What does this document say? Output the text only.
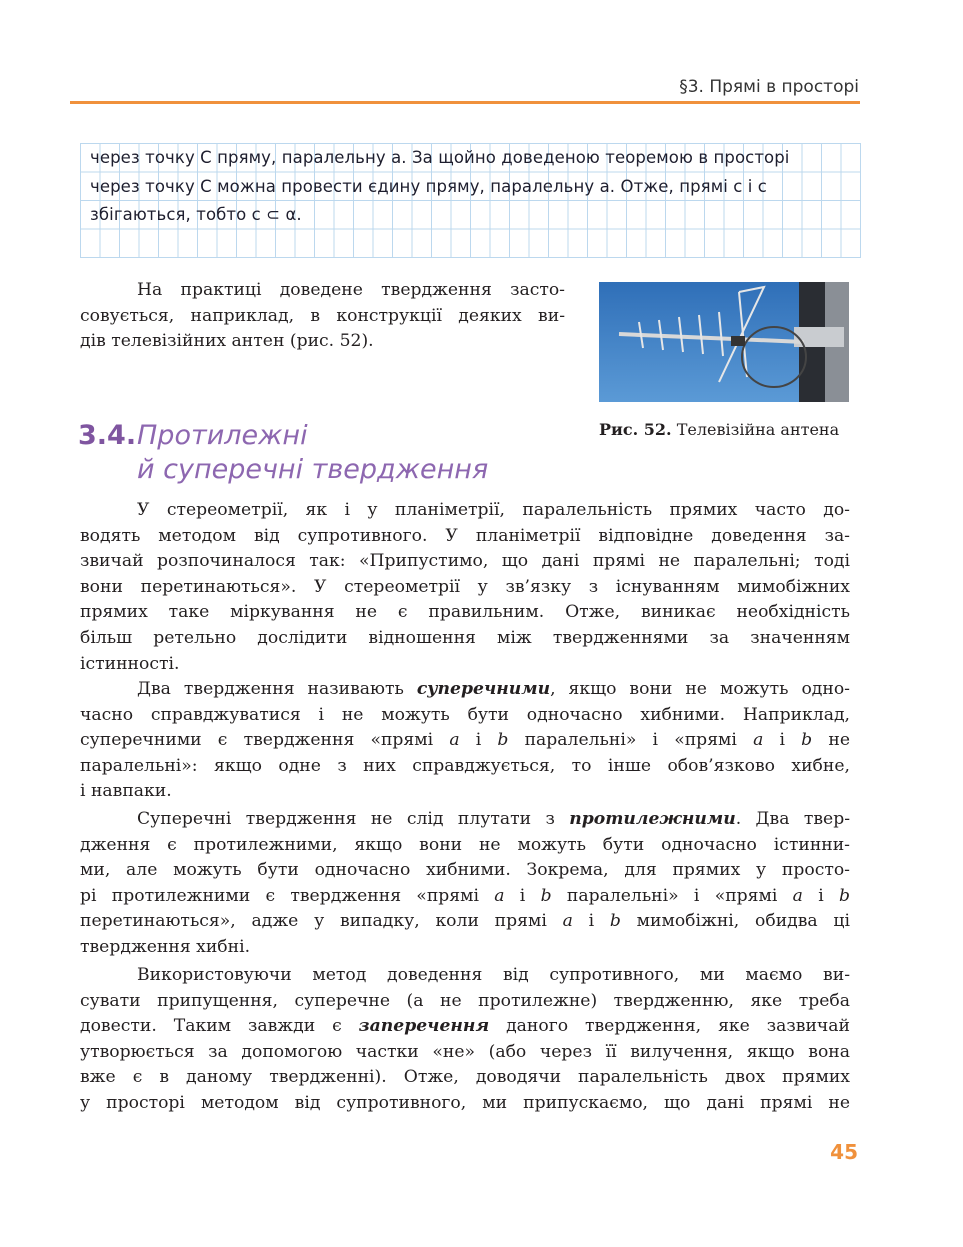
§3. Прямі в просторі
через точку С пряму, паралельну а. За щойно доведеною теоремою в просторі
через точку С можна провести єдину пряму, паралельну а. Отже, прямі с і с
збігаються, тобто с ⊂ α.
На практиці доведене твердження засто-
совується, наприклад, в конструкції деяких ви-
дів телевізійних антен (рис. 52).
Рис. 52. Телевізійна антена
3.4. Протилежні
й суперечні твердження
У стереометрії, як і у планіметрії, паралельність прямих часто до-
водять методом від супротивного. У планіметрії відповідне доведення за-
звичай розпочиналося так: «Припустимо, що дані прямі не паралельні; тоді
вони перетинаються». У стереометрії у зв’язку з існуванням мимобіжних
прямих таке міркування не є правильним. Отже, виникає необхідність
більш ретельно дослідити відношення між твердженнями за значенням
істинності.
Два твердження називають суперечними, якщо вони не можуть одно-
часно справджуватися і не можуть бути одночасно хибними. Наприклад,
суперечними є твердження «прямі a і b паралельні» і «прямі a і b не
паралельні»: якщо одне з них справджується, то інше обов’язково хибне,
і навпаки.
Суперечні твердження не слід плутати з протилежними. Два твер-
дження є протилежними, якщо вони не можуть бути одночасно істинни-
ми, але можуть бути одночасно хибними. Зокрема, для прямих у просто-
рі протилежними є твердження «прямі a і b паралельні» і «прямі a і b
перетинаються», адже у випадку, коли прямі a і b мимобіжні, обидва ці
твердження хибні.
Використовуючи метод доведення від супротивного, ми маємо ви-
сувати припущення, суперечне (а не протилежне) твердженню, яке треба
довести. Таким завжди є заперечення даного твердження, яке зазвичай
утворюється за допомогою частки «не» (або через її вилучення, якщо вона
вже є в даному твердженні). Отже, доводячи паралельність двох прямих
у просторі методом від супротивного, ми припускаємо, що дані прямі не
45
